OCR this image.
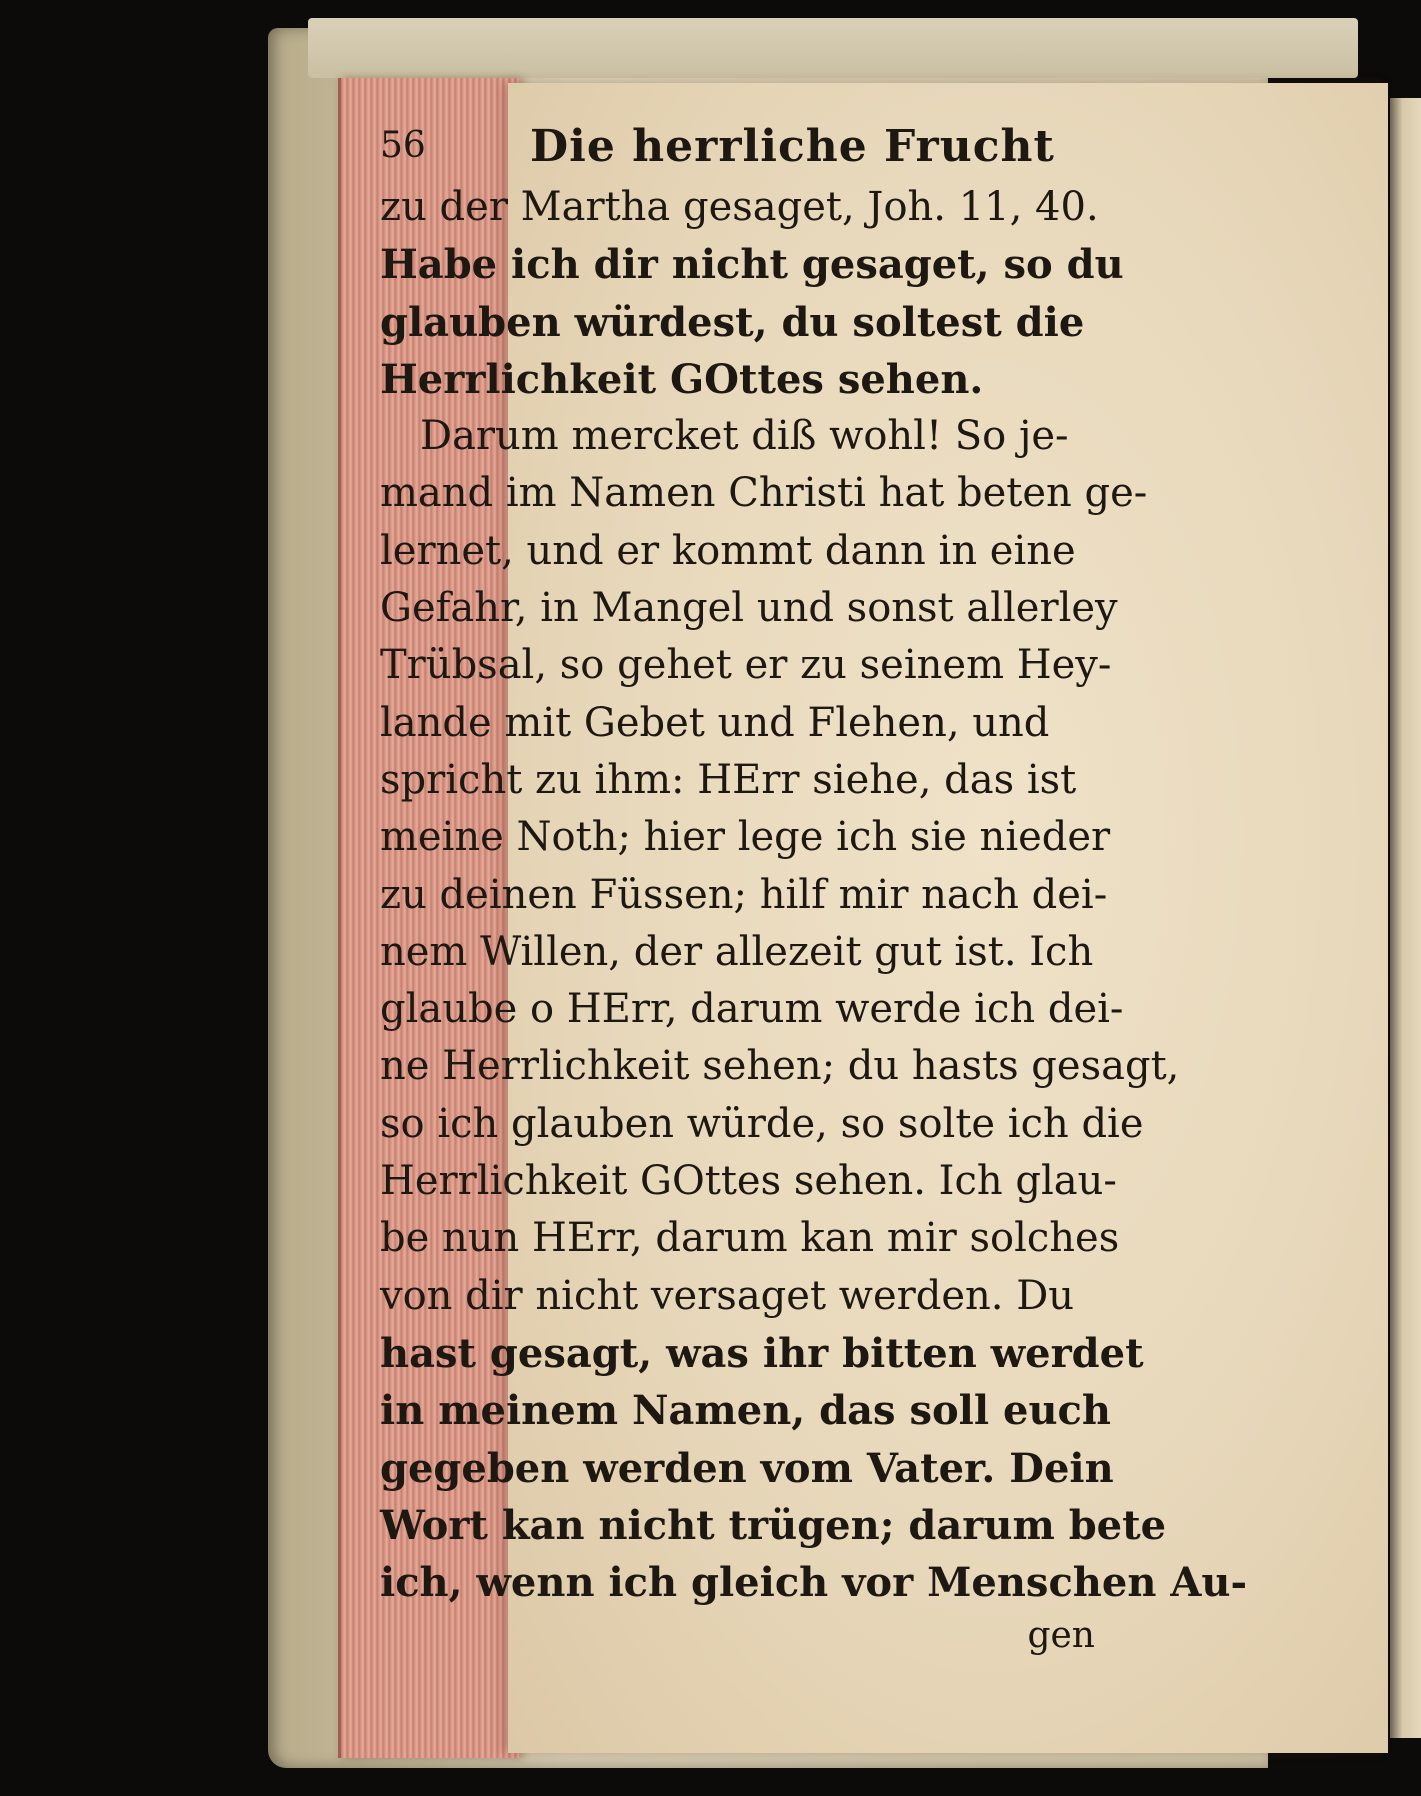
56 Die herrliche Frucht
zu der Martha gesaget, Joh. 11, 40.
Habe ich dir nicht gesaget, so du
glauben würdest, du soltest die
Herrlichkeit GOttes sehen.
Darum mercket diß wohl! So je-
mand im Namen Christi hat beten ge-
lernet, und er kommt dann in eine
Gefahr, in Mangel und sonst allerley
Trübsal, so gehet er zu seinem Hey-
lande mit Gebet und Flehen, und
spricht zu ihm: HErr siehe, das ist
meine Noth; hier lege ich sie nieder
zu deinen Füssen; hilf mir nach dei-
nem Willen, der allezeit gut ist. Ich
glaube o HErr, darum werde ich dei-
ne Herrlichkeit sehen; du hasts gesagt,
so ich glauben würde, so solte ich die
Herrlichkeit GOttes sehen. Ich glau-
be nun HErr, darum kan mir solches
von dir nicht versaget werden. Du
hast gesagt, was ihr bitten werdet
in meinem Namen, das soll euch
gegeben werden vom Vater. Dein
Wort kan nicht trügen; darum bete
ich, wenn ich gleich vor Menschen Au-
gen
